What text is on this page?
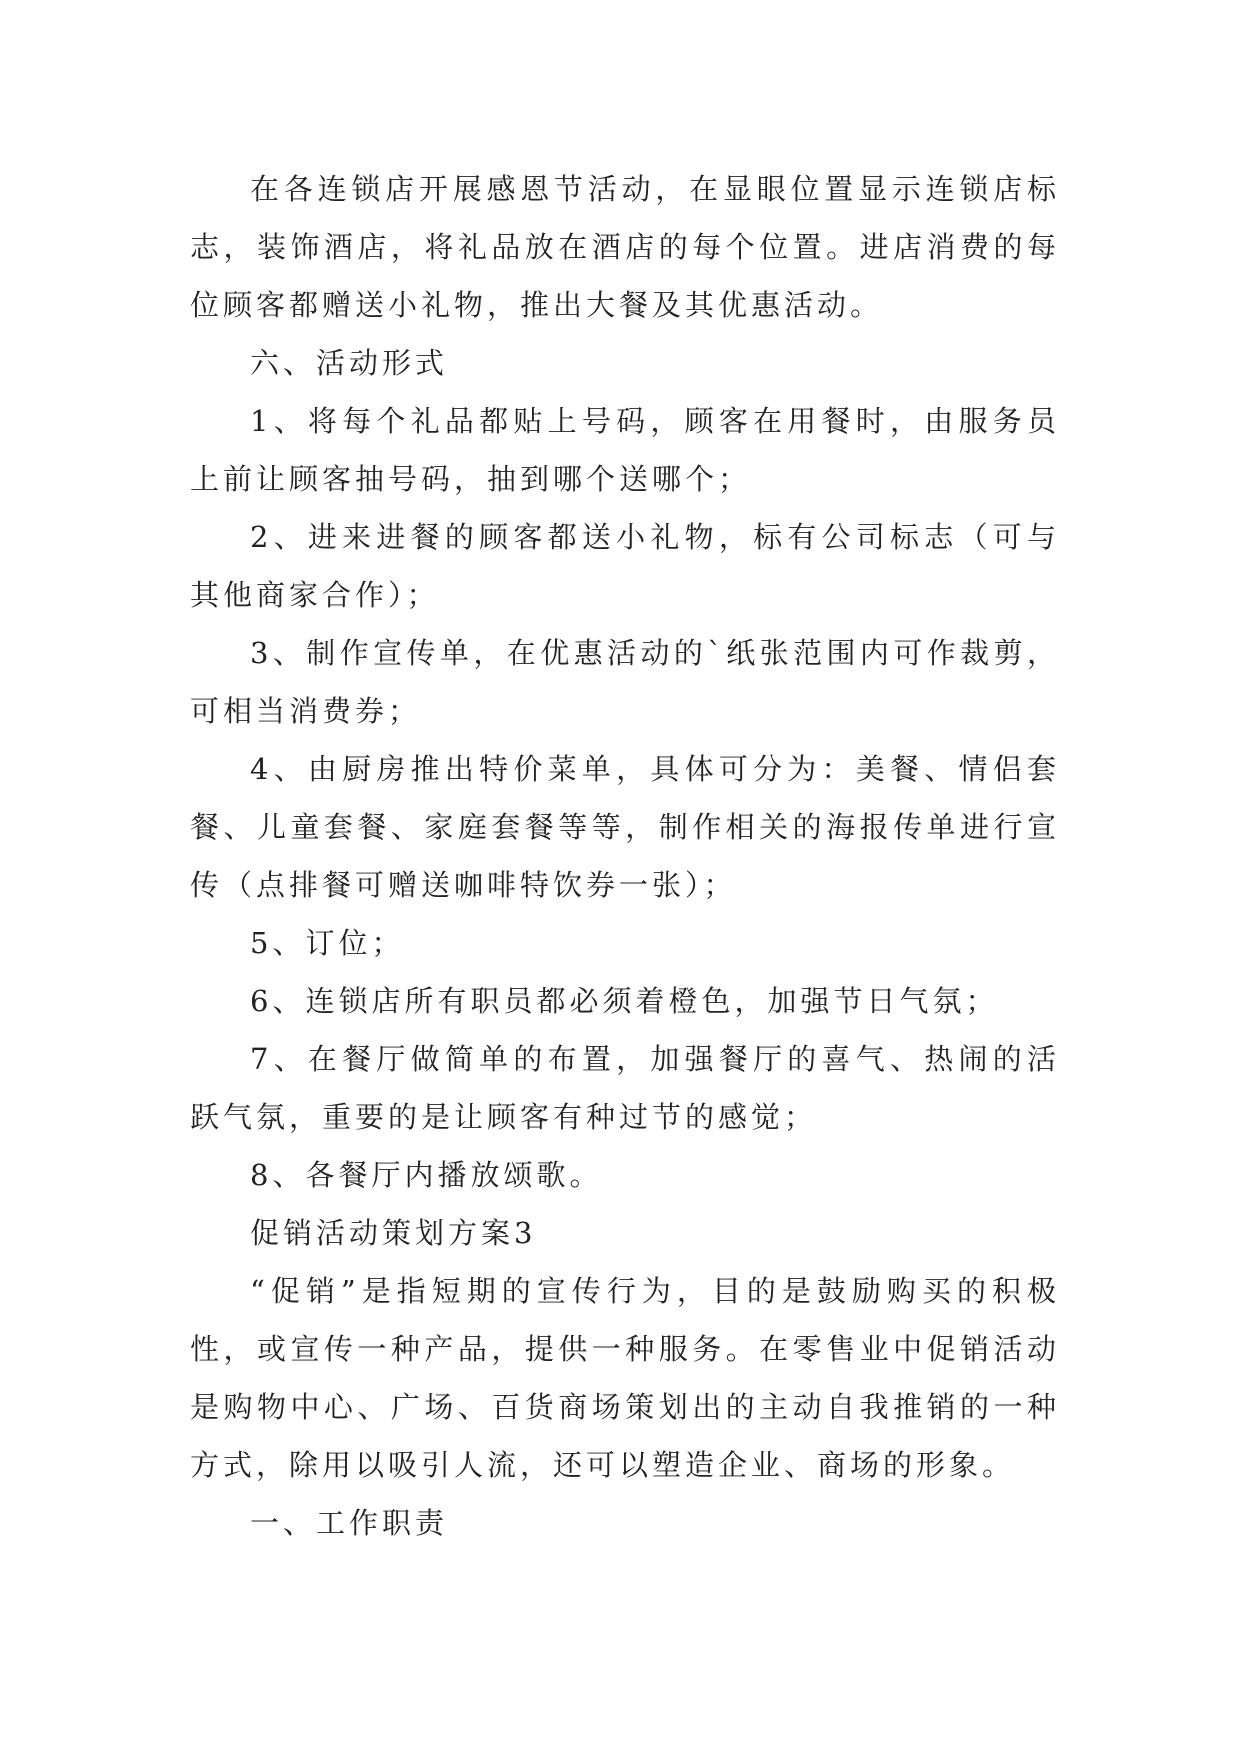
在各连锁店开展感恩节活动，在显眼位置显示连锁店标志，装饰酒店，将礼品放在酒店的每个位置。进店消费的每位顾客都赠送小礼物，推出大餐及其优惠活动。

六、活动形式

1、将每个礼品都贴上号码，顾客在用餐时，由服务员上前让顾客抽号码，抽到哪个送哪个；

2、进来进餐的顾客都送小礼物，标有公司标志（可与其他商家合作）；

3、制作宣传单，在优惠活动的`纸张范围内可作裁剪，可相当消费券；

4、由厨房推出特价菜单，具体可分为：美餐、情侣套餐、儿童套餐、家庭套餐等等，制作相关的海报传单进行宣传（点排餐可赠送咖啡特饮券一张）；

5、订位；

6、连锁店所有职员都必须着橙色，加强节日气氛；

7、在餐厅做简单的布置，加强餐厅的喜气、热闹的活跃气氛，重要的是让顾客有种过节的感觉；

8、各餐厅内播放颂歌。

促销活动策划方案3

“促销”是指短期的宣传行为，目的是鼓励购买的积极性，或宣传一种产品，提供一种服务。在零售业中促销活动是购物中心、广场、百货商场策划出的主动自我推销的一种方式，除用以吸引人流，还可以塑造企业、商场的形象。

一、工作职责
